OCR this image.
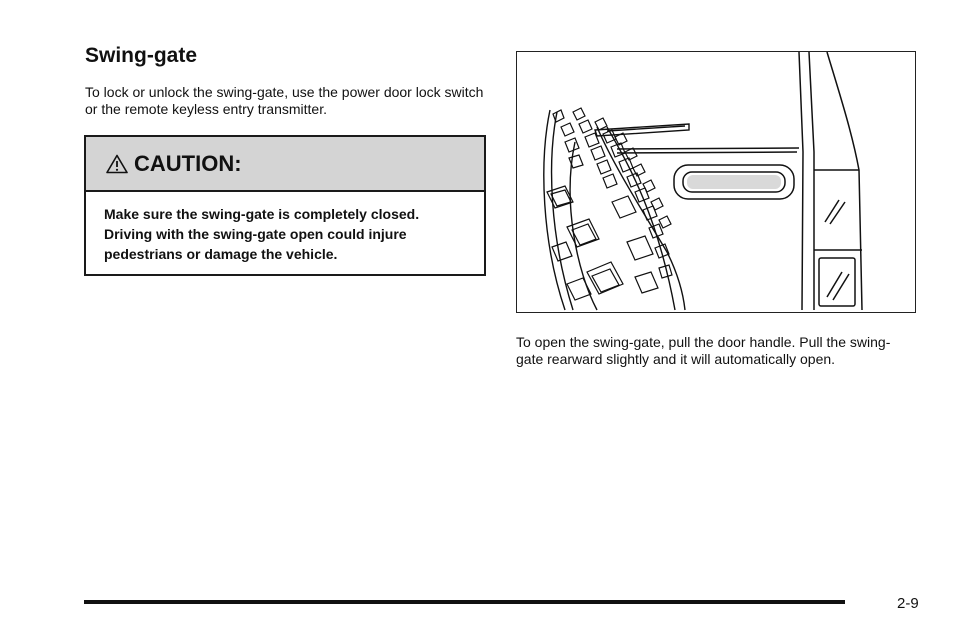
Swing-gate

To lock or unlock the swing-gate, use the power door lock switch or the remote keyless entry transmitter.

CAUTION:
Make sure the swing-gate is completely closed. Driving with the swing-gate open could injure pedestrians or damage the vehicle.

To open the swing-gate, pull the door handle. Pull the swing-gate rearward slightly and it will automatically open.

2-9
